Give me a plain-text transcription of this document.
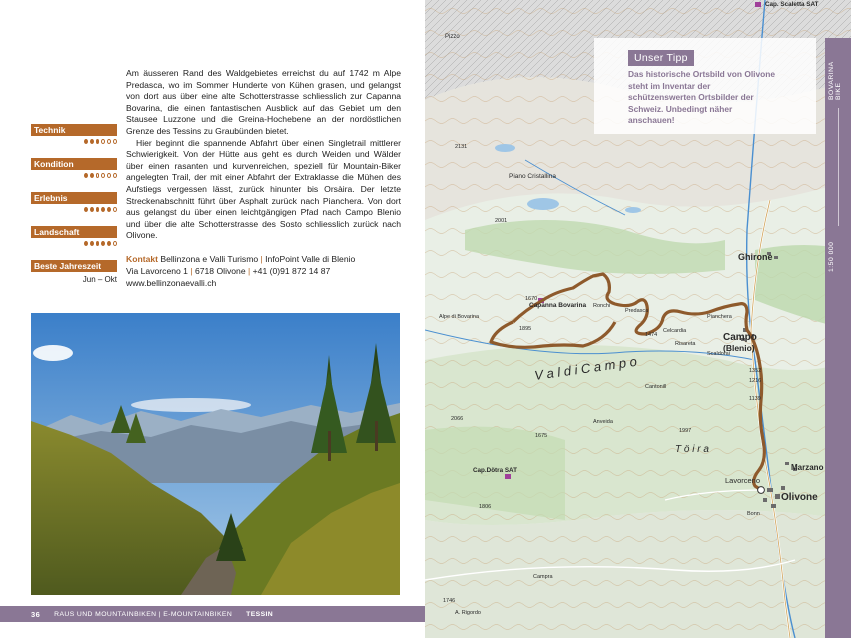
Technik
Kondition
Erlebnis
Landschaft
Beste Jahreszeit
Jun – Okt

Am äusseren Rand des Waldgebietes erreichst du auf 1742 m Alpe Predasca, wo im Sommer Hunderte von Kühen grasen, und gelangst von dort aus über eine alte Schotterstrasse schliesslich zur Capanna Bovarina, die einen fantastischen Ausblick auf das Gebiet um den Stausee Luzzone und die Greina-Hochebene an der nordöstlichen Grenze des Tessins zu Graubünden bietet.

Hier beginnt die spannende Abfahrt über einen Singletrail mittlerer Schwierigkeit. Von der Hütte aus geht es durch Weiden und Wälder über einen rasanten und kurvenreichen, speziell für Mountain-Biker angelegten Trail, der mit einer Abfahrt der Extraklasse die Mühen des Aufstiegs vergessen lässt, zurück hinunter bis Orsàira. Der letzte Streckenabschnitt führt über Asphalt zurück nach Pianchera. Von dort aus gelangst du über einen leichtgängigen Pfad nach Campo Blenio und über die alte Schotterstrasse des Sosto schliesslich zurück nach Olivone.

Kontakt Bellinzona e Valli Turismo | InfoPoint Valle di Blenio
Via Lavorceno 1 | 6718 Olivone | +41 (0)91 872 14 87
www.bellinzonaevalli.ch
36 RAUS UND MOUNTAINBIKEN | E-MOUNTAINBIKEN TESSIN
Capanna Bovarina
Campo
(Blenio)
Olivone
Ghirone
Marzano
Lavorceno
Cap.Dötra SAT
Cap. Scaletta SAT
Piano Cristallina
V a l d i C a m p o
T ö i r a
Predasca
Alpe di Bovarina	Pianchera
Celcardia
Risareta
Scaldorai
Cantonill
Anveida
Bonn
Campra
Ronchi
A. Rigordo
Pizzo
1895
1670
1474
1352
1216
1139
2066
1675
1806
1997
2001
2131
1746
Unser Tipp
Das historische Ortsbild von Olivone steht im Inventar der schützenswerten Ortsbilder der Schweiz. Unbedingt näher anschauen!
BOVARINA BIKE
1:50 000
